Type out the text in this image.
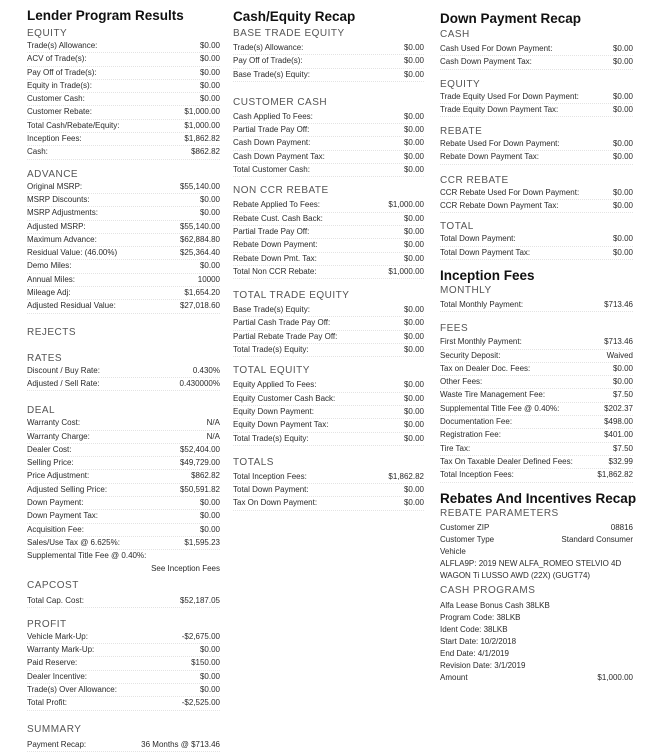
Lender Program Results
EQUITY
Trade(s) Allowance:	$0.00
ACV of Trade(s):	$0.00
Pay Off of Trade(s):	$0.00
Equity in Trade(s):	$0.00
Customer Cash:	$0.00
Customer Rebate:	$1,000.00
Total Cash/Rebate/Equity:	$1,000.00
Inception Fees:	$1,862.82
Cash:	$862.82
ADVANCE
Original MSRP:	$55,140.00
MSRP Discounts:	$0.00
MSRP Adjustments:	$0.00
Adjusted MSRP:	$55,140.00
Maximum Advance:	$62,884.80
Residual Value: (46.00%)	$25,364.40
Demo Miles:	$0.00
Annual Miles:	10000
Mileage Adj:	$1,654.20
Adjusted Residual Value:	$27,018.60
REJECTS
RATES
Discount / Buy Rate:	0.430%
Adjusted / Sell Rate:	0.430000%
DEAL
Warranty Cost:	N/A
Warranty Charge:	N/A
Dealer Cost:	$52,404.00
Selling Price:	$49,729.00
Price Adjustment:	$862.82
Adjusted Selling Price:	$50,591.82
Down Payment:	$0.00
Down Payment Tax:	$0.00
Acquisition Fee:	$0.00
Sales/Use Tax @ 6.625%:	$1,595.23
Supplemental Title Fee @ 0.40%:
See Inception Fees
CAPCOST
Total Cap. Cost:	$52,187.05
PROFIT
Vehicle Mark-Up:	-$2,675.00
Warranty Mark-Up:	$0.00
Paid Reserve:	$150.00
Dealer Incentive:	$0.00
Trade(s) Over Allowance:	$0.00
Total Profit:	-$2,525.00
SUMMARY
Payment Recap:	36 Months @ $713.46
Cash/Equity Recap
BASE TRADE EQUITY
Trade(s) Allowance:	$0.00
Pay Off of Trade(s):	$0.00
Base Trade(s) Equity:	$0.00
CUSTOMER CASH
Cash Applied To Fees:	$0.00
Partial Trade Pay Off:	$0.00
Cash Down Payment:	$0.00
Cash Down Payment Tax:	$0.00
Total Customer Cash:	$0.00
NON CCR REBATE
Rebate Applied To Fees:	$1,000.00
Rebate Cust. Cash Back:	$0.00
Partial Trade Pay Off:	$0.00
Rebate Down Payment:	$0.00
Rebate Down Pmt. Tax:	$0.00
Total Non CCR Rebate:	$1,000.00
TOTAL TRADE EQUITY
Base Trade(s) Equity:	$0.00
Partial Cash Trade Pay Off:	$0.00
Partial Rebate Trade Pay Off:	$0.00
Total Trade(s) Equity:	$0.00
TOTAL EQUITY
Equity Applied To Fees:	$0.00
Equity Customer Cash Back:	$0.00
Equity Down Payment:	$0.00
Equity Down Payment Tax:	$0.00
Total Trade(s) Equity:	$0.00
TOTALS
Total Inception Fees:	$1,862.82
Total Down Payment:	$0.00
Tax On Down Payment:	$0.00
Down Payment Recap
CASH
Cash Used For Down Payment:	$0.00
Cash Down Payment Tax:	$0.00
EQUITY
Trade Equity Used For Down Payment:	$0.00
Trade Equity Down Payment Tax:	$0.00
REBATE
Rebate Used For Down Payment:	$0.00
Rebate Down Payment Tax:	$0.00
CCR REBATE
CCR Rebate Used For Down Payment:	$0.00
CCR Rebate Down Payment Tax:	$0.00
TOTAL
Total Down Payment:	$0.00
Total Down Payment Tax:	$0.00
Inception Fees
MONTHLY
Total Monthly Payment:	$713.46
FEES
First Monthly Payment:	$713.46
Security Deposit:	Waived
Tax on Dealer Doc. Fees:	$0.00
Other Fees:	$0.00
Waste Tire Management Fee:	$7.50
Supplemental Title Fee @ 0.40%:	$202.37
Documentation Fee:	$498.00
Registration Fee:	$401.00
Tire Tax:	$7.50
Tax On Taxable Dealer Defined Fees:	$32.99
Total Inception Fees:	$1,862.82
Rebates And Incentives Recap
REBATE PARAMETERS
Customer ZIP	08816
Customer Type	Standard Consumer
Vehicle
ALFLA9P: 2019 NEW ALFA_ROMEO STELVIO 4D WAGON Ti LUSSO AWD (22X) (GUGT74)
CASH PROGRAMS
Alfa Lease Bonus Cash 38LKB
Program Code: 38LKB
Ident Code: 38LKB
Start Date: 10/2/2018
End Date: 4/1/2019
Revision Date: 3/1/2019
Amount	$1,000.00
